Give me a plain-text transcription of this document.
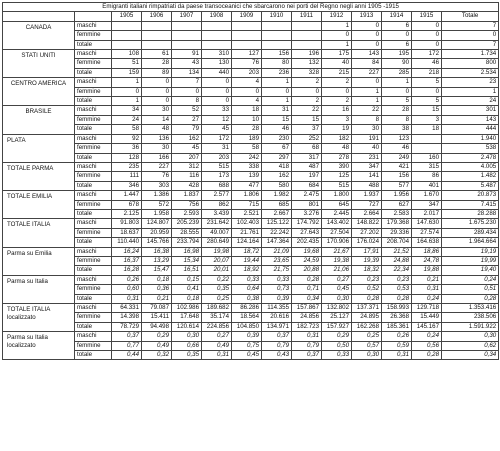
Emigranti italiani rimpatriati da paese transoceanici che sbarcarono nei porti del Regno negli anni 1905 -1915													
		1905	1906	1907	1908	1909	1910	1911	1912	1913	1914	1915	Totale
CANADA	maschi								1	0	6	0	7
	femmine								0	0	0	0	0
	totale								1	0	6	0	7
STATI UNITI	maschi	108	61	91	310	127	156	196	175	143	195	172	1.734
	femmine	51	28	43	130	76	80	132	40	84	90	46	800
	totale	159	89	134	440	203	236	328	215	227	285	218	2.534
CENTRO AMERICA	maschi	1	0	7	0	4	1	2	2	0	1	5	23
	femmine	0	0	0	0	0	0	0	0	1	0	0	1
	totale	1	0	8	0	4	1	2	2	1	5	5	24
BRASILE	maschi	34	30	52	33	18	31	22	16	22	28	15	301
	femmine	24	14	27	12	10	15	15	3	8	8	3	143
	totale	58	48	79	45	28	46	37	19	30	38	18	444
PLATA	maschi	92	136	162	172	189	230	252	182	191	123		1.940
	femmine	36	30	45	31	58	67	68	48	40	46		538
	totale	128	166	207	203	242	297	317	278	231	249	160	2.478
TOTALE PARMA	maschi	235	227	312	515	338	418	487	390	347	421	315	4.005
	femmine	111	76	116	173	139	162	197	125	141	156	86	1.482
	totale	346	303	428	688	477	580	684	515	488	577	401	5.487
TOTALE EMILIA	maschi	1.447	1.386	1.837	2.577	1.806	1.982	2.475	1.800	1.937	1.956	1.670	20.873
	femmine	678	572	756	862	715	685	801	645	727	627	347	7.415
	totale	2.125	1.958	2.593	3.439	2.521	2.667	3.276	2.445	2.664	2.583	2.017	28.288
TOTALE ITALIA	maschi	91.803	124.807	205.239	231.642	102.403	125.122	174.792	143.402	148.822	179.368	147.630	1.675.230
	femmine	18.637	20.959	28.555	49.007	21.761	22.242	27.643	27.504	27.202	29.336	27.574	289.434
	totale	110.440	145.766	233.794	280.649	124.164	147.364	202.435	170.906	176.024	208.704	164.638	1.964.664
Parma su Emilia	maschi	16,24	16,38	16,98	19,98	18,72	21,09	19,68	21,67	17,91	21,52	18,86	19,19
	femmine	16,37	13,29	15,34	20,07	19,44	23,65	24,59	19,38	19,39	24,88	24,78	19,99
	totale	16,28	15,47	16,51	20,01	18,92	21,75	20,88	21,06	18,32	22,34	19,88	19,40
Parma su Italia	maschi	0,26	0,18	0,15	0,22	0,33	0,33	0,28	0,27	0,23	0,23	0,21	0,24
	femmine	0,60	0,36	0,41	0,35	0,64	0,73	0,71	0,45	0,52	0,53	0,31	0,51
	totale	0,31	0,21	0,18	0,25	0,38	0,39	0,34	0,30	0,28	0,28	0,24	0,28
TOTALE ITALIA localizzato	maschi	64.331	79.087	102.986	189.682	86.286	114.355	157.867	132.802	137.371	158.993	129.718	1.353.416
	femmine	14.398	15.411	17.648	35.174	18.564	20.616	24.856	25.127	24.895	26.368	15.449	238.506
	totale	78.729	94.498	120.614	224.856	104.850	134.971	182.723	157.927	162.268	185.361	145.167	1.591.922
Parma su Italia localizzato	maschi	0,37	0,29	0,30	0,27	0,39	0,37	0,31	0,29	0,25	0,26	0,24	0,30
	femmine	0,77	0,49	0,66	0,49	0,75	0,79	0,79	0,50	0,57	0,59	0,56	0,62
	totale	0,44	0,32	0,35	0,31	0,45	0,43	0,37	0,33	0,30	0,31	0,28	0,34
